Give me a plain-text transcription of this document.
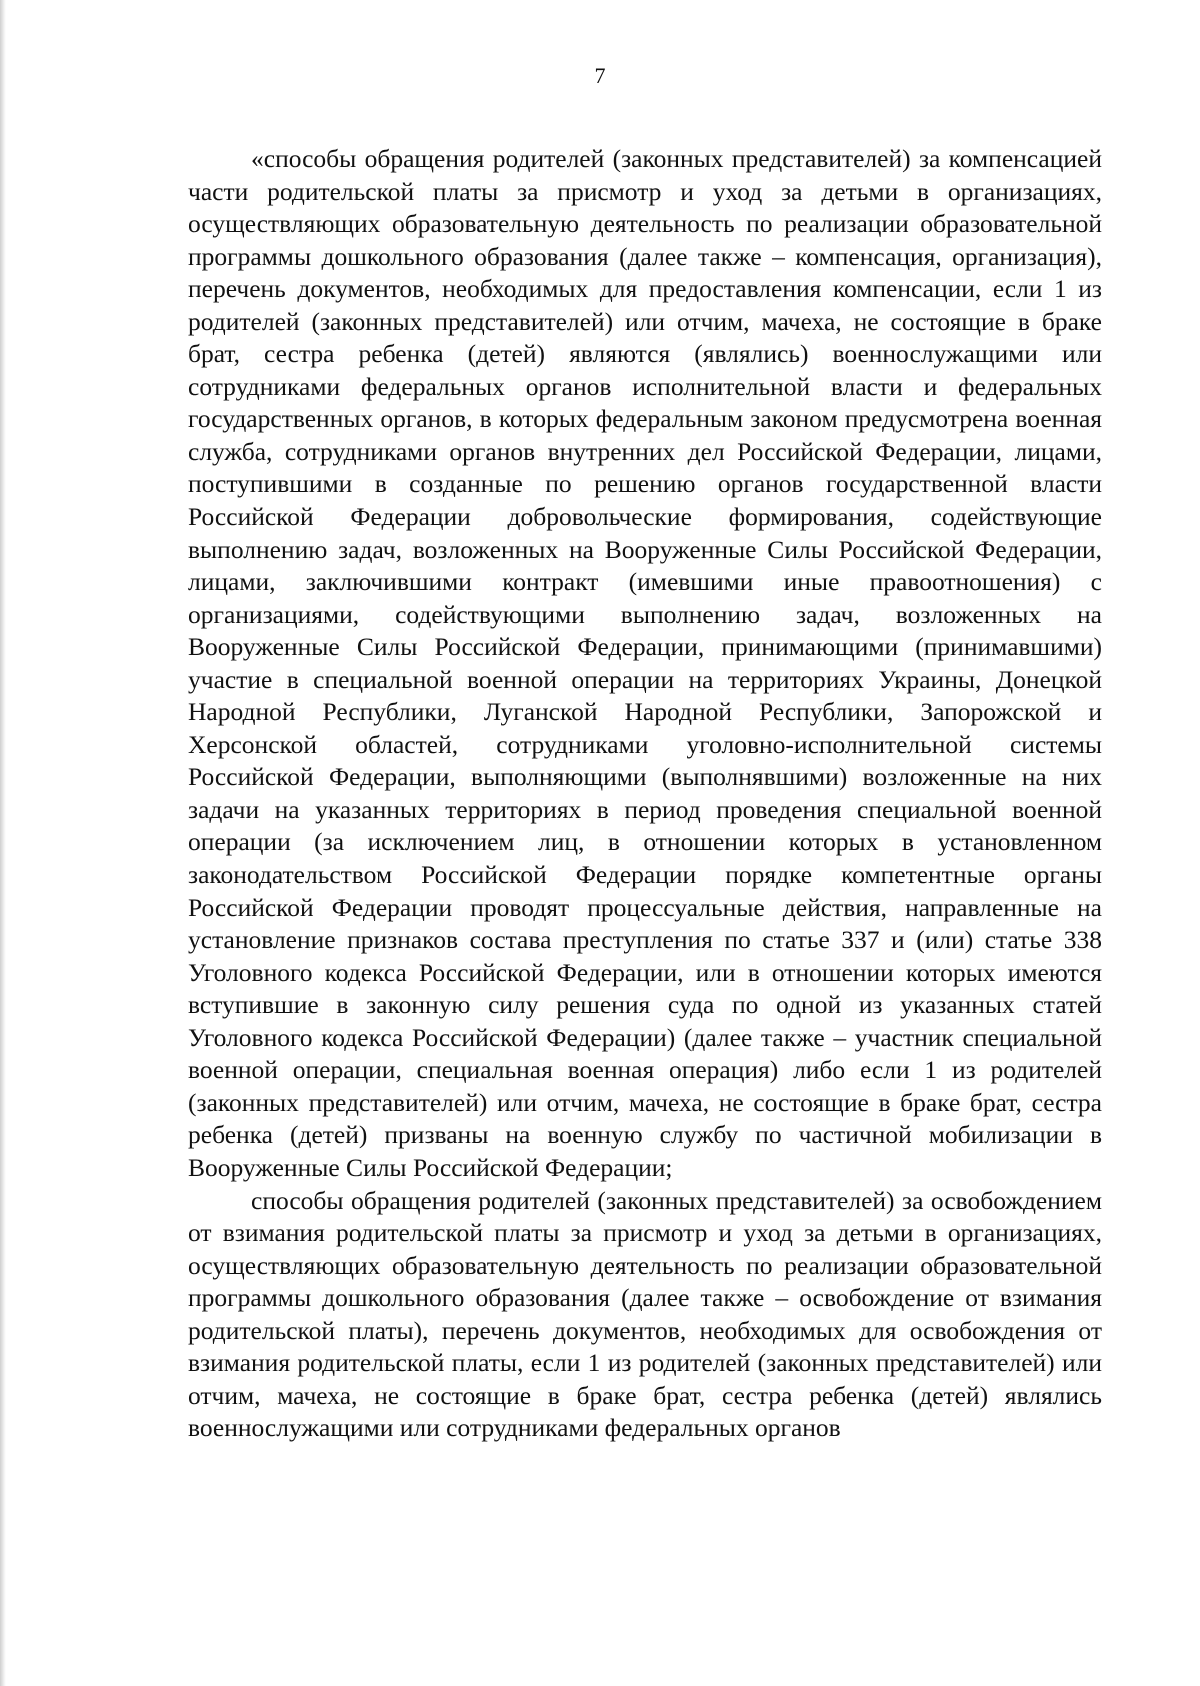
7

«способы обращения родителей (законных представителей) за компенсацией части родительской платы за присмотр и уход за детьми в организациях, осуществляющих образовательную деятельность по реализации образовательной программы дошкольного образования (далее также – компенсация, организация), перечень документов, необходимых для предоставления компенсации, если 1 из родителей (законных представителей) или отчим, мачеха, не состоящие в браке брат, сестра ребенка (детей) являются (являлись) военнослужащими или сотрудниками федеральных органов исполнительной власти и федеральных государственных органов, в которых федеральным законом предусмотрена военная служба, сотрудниками органов внутренних дел Российской Федерации, лицами, поступившими в созданные по решению органов государственной власти Российской Федерации добровольческие формирования, содействующие выполнению задач, возложенных на Вооруженные Силы Российской Федерации, лицами, заключившими контракт (имевшими иные правоотношения) с организациями, содействующими выполнению задач, возложенных на Вооруженные Силы Российской Федерации, принимающими (принимавшими) участие в специальной военной операции на территориях Украины, Донецкой Народной Республики, Луганской Народной Республики, Запорожской и Херсонской областей, сотрудниками уголовно-исполнительной системы Российской Федерации, выполняющими (выполнявшими) возложенные на них задачи на указанных территориях в период проведения специальной военной операции (за исключением лиц, в отношении которых в установленном законодательством Российской Федерации порядке компетентные органы Российской Федерации проводят процессуальные действия, направленные на установление признаков состава преступления по статье 337 и (или) статье 338 Уголовного кодекса Российской Федерации, или в отношении которых имеются вступившие в законную силу решения суда по одной из указанных статей Уголовного кодекса Российской Федерации) (далее также – участник специальной военной операции, специальная военная операция) либо если 1 из родителей (законных представителей) или отчим, мачеха, не состоящие в браке брат, сестра ребенка (детей) призваны на военную службу по частичной мобилизации в Вооруженные Силы Российской Федерации;

способы обращения родителей (законных представителей) за освобождением от взимания родительской платы за присмотр и уход за детьми в организациях, осуществляющих образовательную деятельность по реализации образовательной программы дошкольного образования (далее также – освобождение от взимания родительской платы), перечень документов, необходимых для освобождения от взимания родительской платы, если 1 из родителей (законных представителей) или отчим, мачеха, не состоящие в браке брат, сестра ребенка (детей) являлись военнослужащими или сотрудниками федеральных органов
